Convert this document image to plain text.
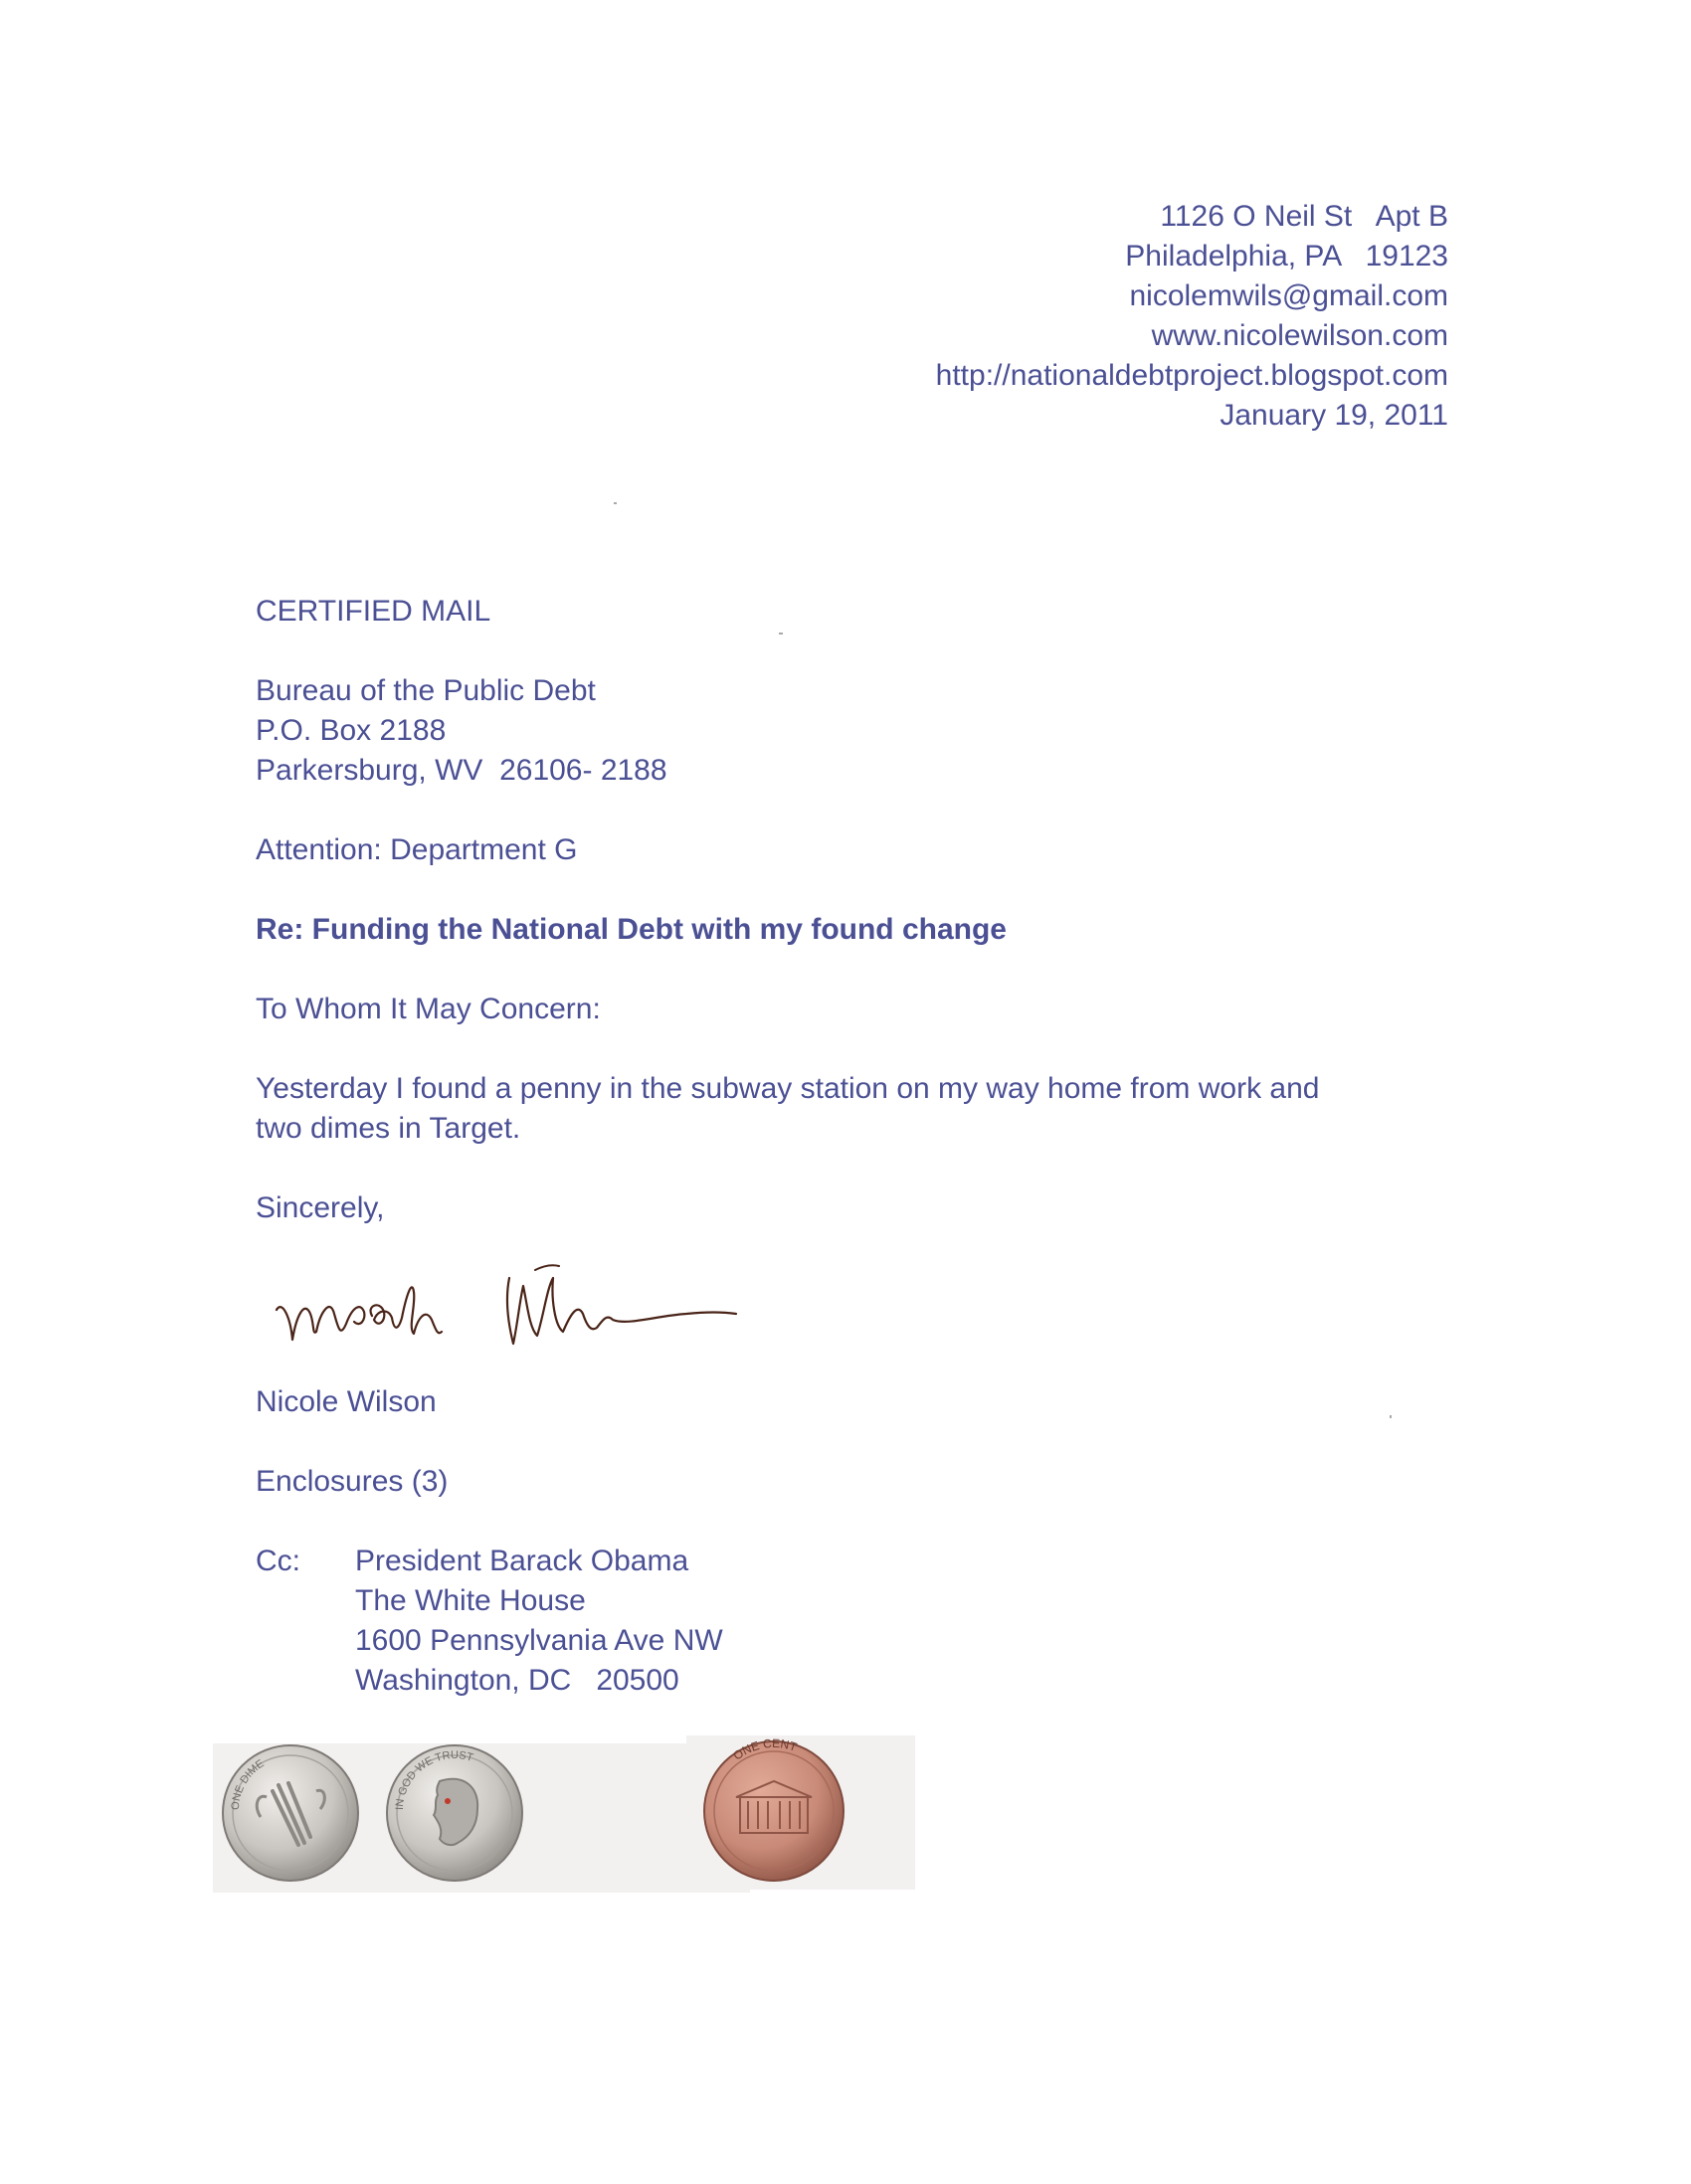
1126 O Neil St   Apt B
Philadelphia, PA   19123
nicolemwils@gmail.com
www.nicolewilson.com
http://nationaldebtproject.blogspot.com
January 19, 2011
CERTIFIED MAIL
Bureau of the Public Debt
P.O. Box 2188
Parkersburg, WV  26106- 2188
Attention: Department G
Re: Funding the National Debt with my found change
To Whom It May Concern:
Yesterday I found a penny in the subway station on my way home from work and
two dimes in Target.
Sincerely,
Nicole Wilson
Enclosures (3)
Cc:	President Barack Obama
The White House
1600 Pennsylvania Ave NW
Washington, DC   20500
ONE DIME
IN GOD WE TRUST	ONE CENT
